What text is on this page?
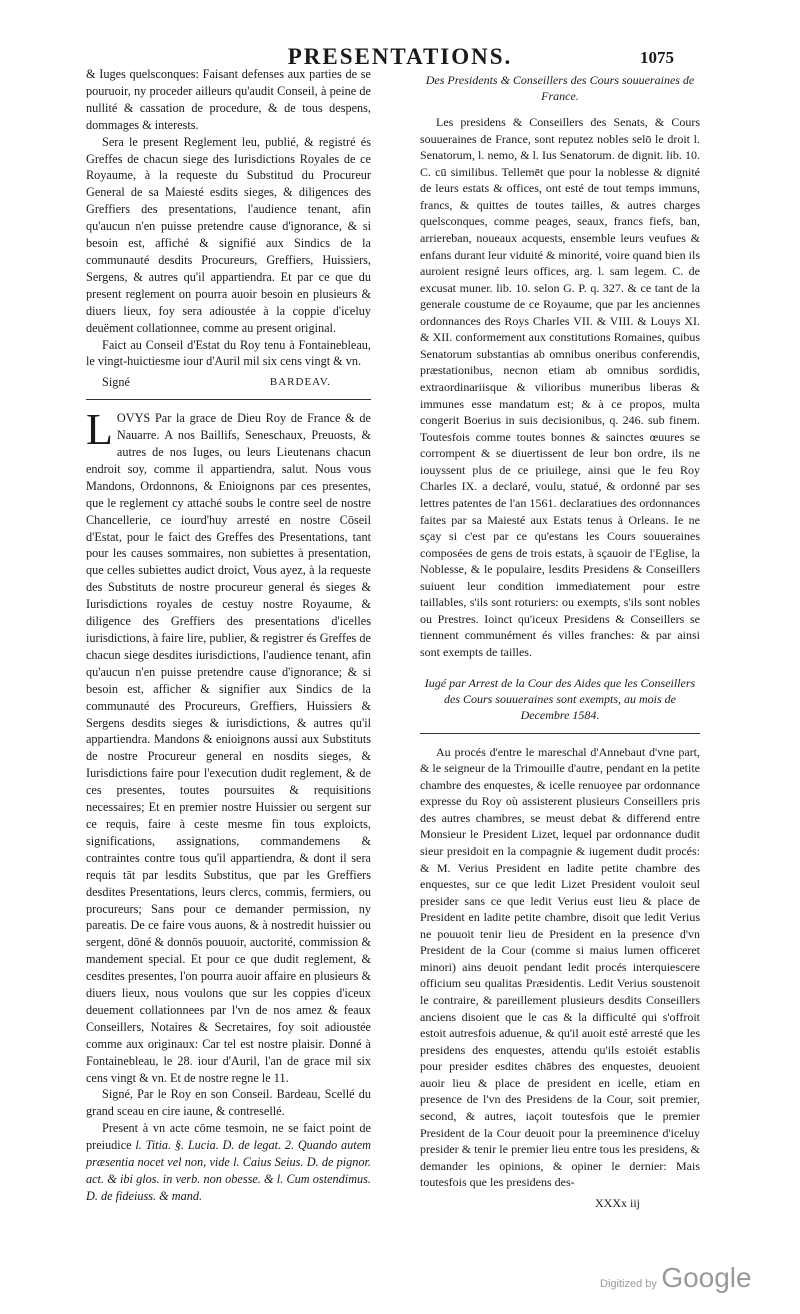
PRESENTATIONS.	1075

& Iuges quelsconques: Faisant defenses aux parties de se pouruoir, ny proceder ailleurs qu'audit Conseil, à peine de nullité & cassation de procedure, & de tous despens, dommages & interests.

Sera le present Reglement leu, publié, & registré és Greffes de chacun siege des Iurisdictions Royales de ce Royaume, à la requeste du Substitud du Procureur General de sa Maiesté esdits sieges, & diligences des Greffiers des presentations, l'audience tenant, afin qu'aucun n'en puisse pretendre cause d'ignorance, & si besoin est, affiché & signifié aux Sindics de la communauté desdits Procureurs, Greffiers, Huissiers, Sergens, & autres qu'il appartiendra. Et par ce que du present reglement on pourra auoir besoin en plusieurs & diuers lieux, foy sera adioustée à la coppie d'iceluy deuëment collationnee, comme au present original.

Faict au Conseil d'Estat du Roy tenu à Fontainebleau, le vingt-huictiesme iour d'Auril mil six cens vingt & vn.

Signé	BARDEAV.

LOVYS Par la grace de Dieu Roy de France & de Nauarre. A nos Baillifs, Seneschaux, Preuosts, & autres de nos Iuges, ou leurs Lieutenans chacun endroit soy, comme il appartiendra, salut. Nous vous Mandons, Ordonnons, & Enioignons par ces presentes, que le reglement cy attaché soubs le contre seel de nostre Chancellerie, ce iourd'huy arresté en nostre Cōseil d'Estat, pour le faict des Greffes des Presentations, tant pour les causes sommaires, non subiettes à presentation, que celles subiettes audict droict, Vous ayez, à la requeste des Substituts de nostre procureur general és sieges & Iurisdictions royales de cestuy nostre Royaume, & diligence des Greffiers des presentations d'icelles iurisdictions, à faire lire, publier, & registrer és Greffes de chacun siege desdites iurisdictions, l'audience tenant, afin qu'aucun n'en puisse pretendre cause d'ignorance; & si besoin est, afficher & signifier aux Sindics de la communauté des Procureurs, Greffiers, Huissiers & Sergens desdits sieges & iurisdictions, & autres qu'il appartiendra. Mandons & enioignons aussi aux Substituts de nostre Procureur general en nosdits sieges, & Iurisdictions faire pour l'execution dudit reglement, & de ces presentes, toutes poursuites & requisitions necessaires; Et en premier nostre Huissier ou sergent sur ce requis, faire à ceste mesme fin tous exploicts, significations, assignations, commandemens & contraintes contre tous qu'il appartiendra, & dont il sera requis tāt par lesdits Substitus, que par les Greffiers desdites Presentations, leurs clercs, commis, fermiers, ou procureurs; Sans pour ce demander permission, ny pareatis. De ce faire vous auons, & à nostredit huissier ou sergent, dōné & donnōs pouuoir, auctorité, commission & mandement special. Et pour ce que dudit reglement, & cesdites presentes, l'on pourra auoir affaire en plusieurs & diuers lieux, nous voulons que sur les coppies d'iceux deuement collationnees par l'vn de nos amez & feaux Conseillers, Notaires & Secretaires, foy soit adioustée comme aux originaux: Car tel est nostre plaisir. Donné à Fontainebleau, le 28. iour d'Auril, l'an de grace mil six cens vingt & vn. Et de nostre regne le 11.

Signé, Par le Roy en son Conseil. Bardeau, Scellé du grand sceau en cire iaune, & contresellé.

Present à vn acte cōme tesmoin, ne se faict point de preiudice l. Titia. §. Lucia. D. de legat. 2. Quando autem præsentia nocet vel non, vide l. Caius Seius. D. de pignor. act. & ibi glos. in verb. non obesse. & l. Cum ostendimus. D. de fideiuss. & mand.

Des Presidents & Conseillers des Cours souueraines de France.

Les presidens & Conseillers des Senats, & Cours souueraines de France, sont reputez nobles selō le droit l. Senatorum, l. nemo, & l. Ius Senatorum. de dignit. lib. 10. C. cū similibus. Tellemēt que pour la noblesse & dignité de leurs estats & offices, ont esté de tout temps immuns, francs, & quittes de toutes tailles, & autres charges quelsconques, comme peages, seaux, francs fiefs, ban, arriereban, noueaux acquests, ensemble leurs veufues & enfans durant leur viduité & minorité, voire quand bien ils auroient resigné leurs offices, arg. l. sam legem. C. de excusat muner. lib. 10. selon G. P. q. 327. & ce tant de la generale coustume de ce Royaume, que par les anciennes ordonnances des Roys Charles VII. & VIII. & Louys XI. & XII. conformement aux constitutions Romaines, quibus Senatorum substantias ab omnibus oneribus conferendis, præstationibus, necnon etiam ab omnibus sordidis, extraordinariisque & vilioribus muneribus liberas & immunes esse mandatum est; & à ce propos, multa congerit Boerius in suis decisionibus, q. 246. sub finem. Toutesfois comme toutes bonnes & sainctes œuures se corrompent & se diuertissent de leur bon ordre, ils ne iouyssent plus de ce priuilege, ainsi que le feu Roy Charles IX. a declaré, voulu, statué, & ordonné par ses lettres patentes de l'an 1561. declaratiues des ordonnances faites par sa Maiesté aux Estats tenus à Orleans. Ie ne sçay si c'est par ce qu'estans les Cours souueraines composées de gens de trois estats, à sçauoir de l'Eglise, la Noblesse, & le populaire, lesdits Presidens & Conseillers suiuent leur condition immediatement pour estre taillables, s'ils sont roturiers: ou exempts, s'ils sont nobles ou Prestres. Ioinct qu'iceux Presidens & Conseillers se tiennent communément és villes franches: & par ainsi sont exempts de tailles.

Iugé par Arrest de la Cour des Aides que les Conseillers des Cours souueraines sont exempts, au mois de Decembre 1584.

Au procés d'entre le mareschal d'Annebaut d'vne part, & le seigneur de la Trimouille d'autre, pendant en la petite chambre des enquestes, & icelle renuoyee par ordonnance expresse du Roy où assisterent plusieurs Conseillers pris des autres chambres, se meust debat & differend entre Monsieur le President Lizet, lequel par ordonnance dudit sieur presidoit en la compagnie & iugement dudit procés: & M. Verius President en ladite petite chambre des enquestes, sur ce que ledit Lizet President vouloit seul presider sans ce que ledit Verius eust lieu & place de President en ladite petite chambre, disoit que ledit Verius ne pouuoit tenir lieu de President en la presence d'vn President de la Cour (comme si maius lumen officeret minori) ains deuoit pendant ledit procés interquiescere officium seu qualitas Præsidentis. Ledit Verius soustenoit le contraire, & pareillement plusieurs desdits Conseillers anciens disoient que le cas & la difficulté qui s'offroit estoit autresfois aduenue, & qu'il auoit esté arresté que les presidens des enquestes, attendu qu'ils estoiét establis pour presider esdites chābres des enquestes, deuoient auoir lieu & place de president en icelle, etiam en presence de l'vn des Presidens de la Cour, soit premier, second, & autres, iaçoit toutesfois que le premier President de la Cour deuoit pour la preeminence d'iceluy presider & tenir le premier lieu entre tous les presidens, & demander les opinions, & opiner le dernier: Mais toutesfois que les presidens des-

XXXx iij

Digitized by Google
